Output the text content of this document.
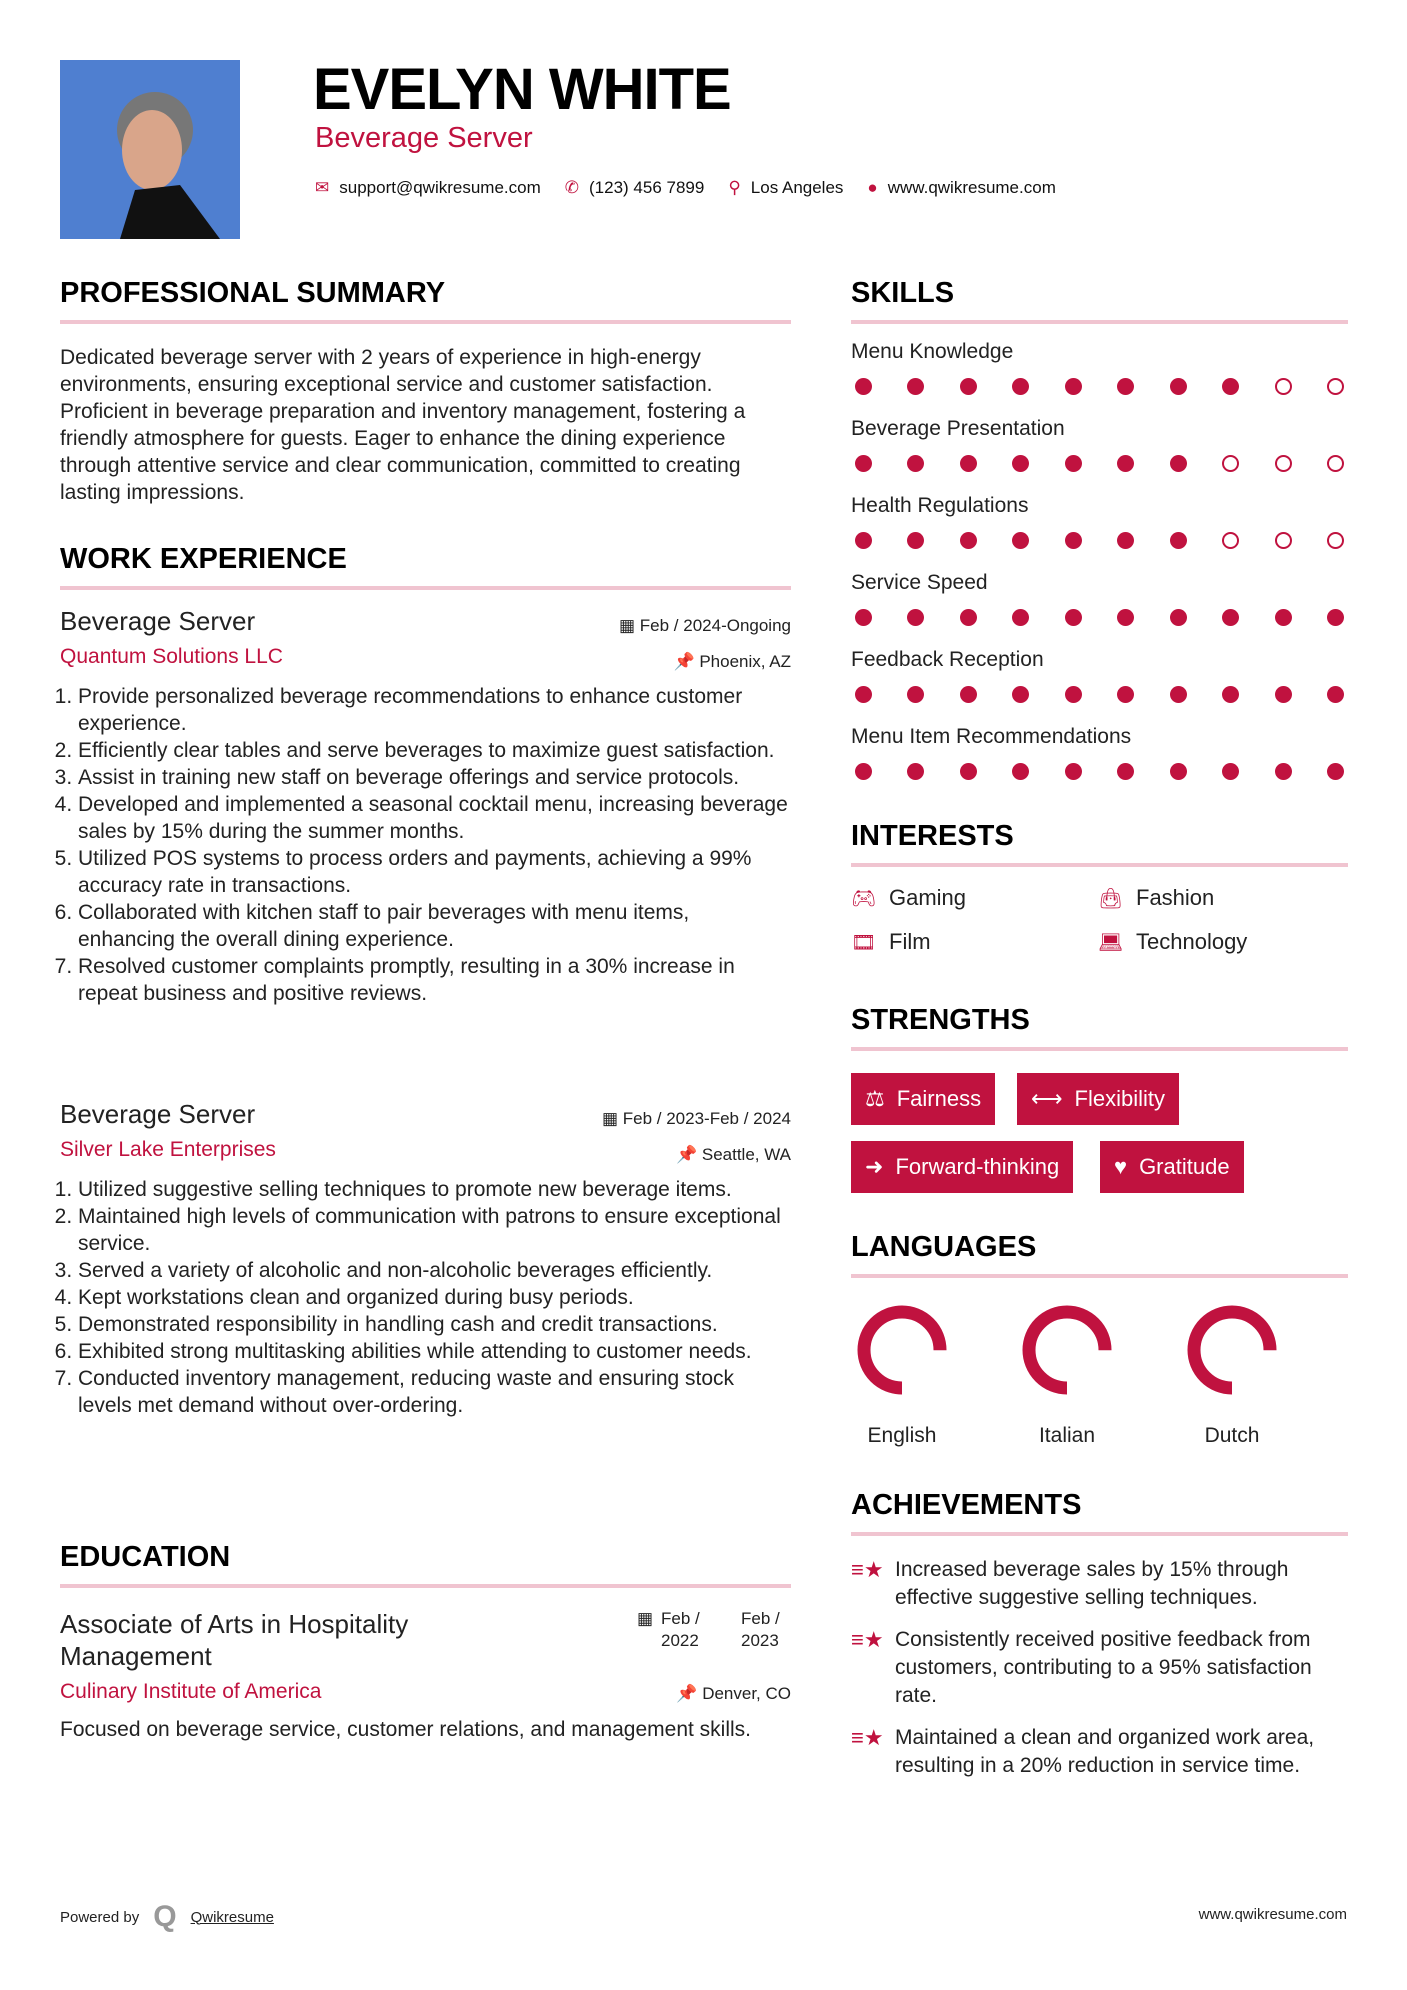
EVELYN WHITE
Beverage Server
✉ support@qwikresume.com ✆ (123) 456 7899 ⚲ Los Angeles ● www.qwikresume.com
PROFESSIONAL SUMMARY
Dedicated beverage server with 2 years of experience in high-energy environments, ensuring exceptional service and customer satisfaction. Proficient in beverage preparation and inventory management, fostering a friendly atmosphere for guests. Eager to enhance the dining experience through attentive service and clear communication, committed to creating lasting impressions.
WORK EXPERIENCE
Beverage Server	▦ Feb / 2024-Ongoing
Quantum Solutions LLC	📌 Phoenix, AZ
1. Provide personalized beverage recommendations to enhance customer experience.
2. Efficiently clear tables and serve beverages to maximize guest satisfaction.
3. Assist in training new staff on beverage offerings and service protocols.
4. Developed and implemented a seasonal cocktail menu, increasing beverage sales by 15% during the summer months.
5. Utilized POS systems to process orders and payments, achieving a 99% accuracy rate in transactions.
6. Collaborated with kitchen staff to pair beverages with menu items, enhancing the overall dining experience.
7. Resolved customer complaints promptly, resulting in a 30% increase in repeat business and positive reviews.
Beverage Server	▦ Feb / 2023-Feb / 2024
Silver Lake Enterprises	📌 Seattle, WA
1. Utilized suggestive selling techniques to promote new beverage items.
2. Maintained high levels of communication with patrons to ensure exceptional service.
3. Served a variety of alcoholic and non-alcoholic beverages efficiently.
4. Kept workstations clean and organized during busy periods.
5. Demonstrated responsibility in handling cash and credit transactions.
6. Exhibited strong multitasking abilities while attending to customer needs.
7. Conducted inventory management, reducing waste and ensuring stock levels met demand without over-ordering.
EDUCATION
Associate of Arts in Hospitality Management
▦ Feb / 2022
Feb / 2023
Culinary Institute of America	📌 Denver, CO
Focused on beverage service, customer relations, and management skills.
SKILLS
Menu Knowledge
Beverage Presentation
Health Regulations
Service Speed
Feedback Reception
Menu Item Recommendations
INTERESTS
🎮︎ Gaming	👜︎ Fashion
🎞︎ Film	💻︎ Technology
STRENGTHS
⚖ Fairness ⟷ Flexibility
➜ Forward-thinking ♥ Gratitude
LANGUAGES
English	Italian	Dutch
ACHIEVEMENTS
≡★ Increased beverage sales by 15% through effective suggestive selling techniques.
≡★ Consistently received positive feedback from customers, contributing to a 95% satisfaction rate.
≡★ Maintained a clean and organized work area, resulting in a 20% reduction in service time.
Powered by Q Qwikresume	www.qwikresume.com
